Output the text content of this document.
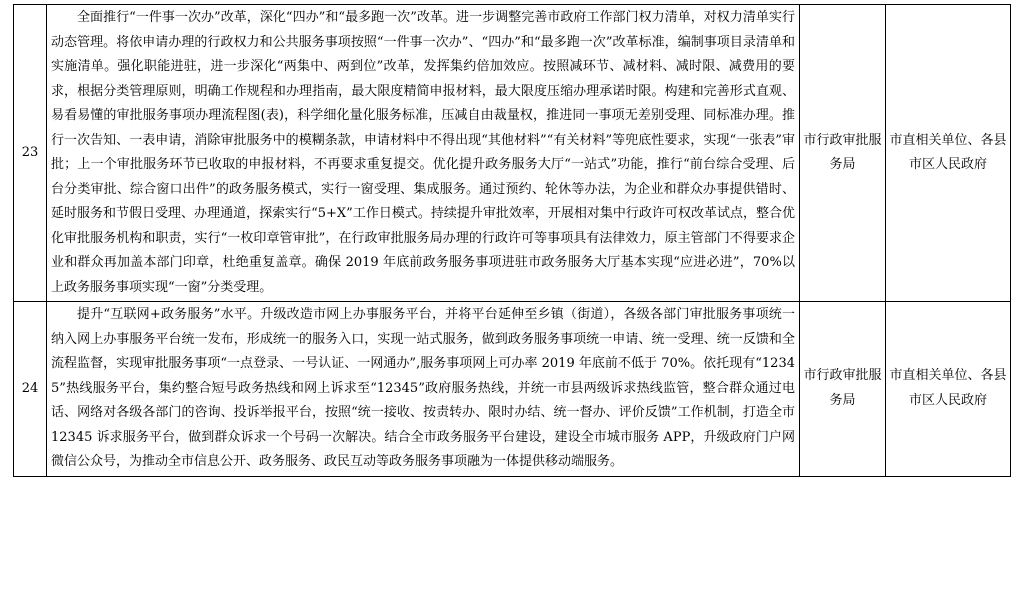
23	全面推行“一件事一次办”改革，深化“四办”和“最多跑一次”改革。进一步调整完善市政府工作部门权力清单，对权力清单实行动态管理。将依申请办理的行政权力和公共服务事项按照“一件事一次办”、“四办”和“最多跑一次”改革标准，编制事项目录清单和实施清单。强化职能进驻，进一步深化“两集中、两到位”改革，发挥集约倍加效应。按照减环节、减材料、减时限、减费用的要求，根据分类管理原则，明确工作规程和办理指南，最大限度精简申报材料，最大限度压缩办理承诺时限。构建和完善形式直观、易看易懂的审批服务事项办理流程图(表)，科学细化量化服务标准，压减自由裁量权，推进同一事项无差别受理、同标准办理。推行一次告知、一表申请，消除审批服务中的模糊条款，申请材料中不得出现“其他材料”“有关材料”等兜底性要求，实现“一张表”审批；上一个审批服务环节已收取的申报材料，不再要求重复提交。优化提升政务服务大厅“一站式”功能，推行“前台综合受理、后台分类审批、综合窗口出件”的政务服务模式，实行一窗受理、集成服务。通过预约、轮休等办法，为企业和群众办事提供错时、延时服务和节假日受理、办理通道，探索实行“5+X”工作日模式。持续提升审批效率，开展相对集中行政许可权改革试点，整合优化审批服务机构和职责，实行“一枚印章管审批”，在行政审批服务局办理的行政许可等事项具有法律效力，原主管部门不得要求企业和群众再加盖本部门印章，杜绝重复盖章。确保 2019 年底前政务服务事项进驻市政务服务大厅基本实现“应进必进”，70%以上政务服务事项实现“一窗”分类受理。	市行政审批服务局	市直相关单位、各县市区人民政府
24	提升“互联网+政务服务”水平。升级改造市网上办事服务平台，并将平台延伸至乡镇（街道），各级各部门审批服务事项统一纳入网上办事服务平台统一发布，形成统一的服务入口，实现一站式服务，做到政务服务事项统一申请、统一受理、统一反馈和全流程监督，实现审批服务事项“一点登录、一号认证、一网通办”,服务事项网上可办率 2019 年底前不低于 70%。依托现有“12345”热线服务平台，集约整合短号政务热线和网上诉求至“12345”政府服务热线，并统一市县两级诉求热线监管，整合群众通过电话、网络对各级各部门的咨询、投诉举报平台，按照“统一接收、按责转办、限时办结、统一督办、评价反馈”工作机制，打造全市 12345 诉求服务平台，做到群众诉求一个号码一次解决。结合全市政务服务平台建设，建设全市城市服务 APP，升级政府门户网微信公众号，为推动全市信息公开、政务服务、政民互动等政务服务事项融为一体提供移动端服务。	市行政审批服务局	市直相关单位、各县市区人民政府
